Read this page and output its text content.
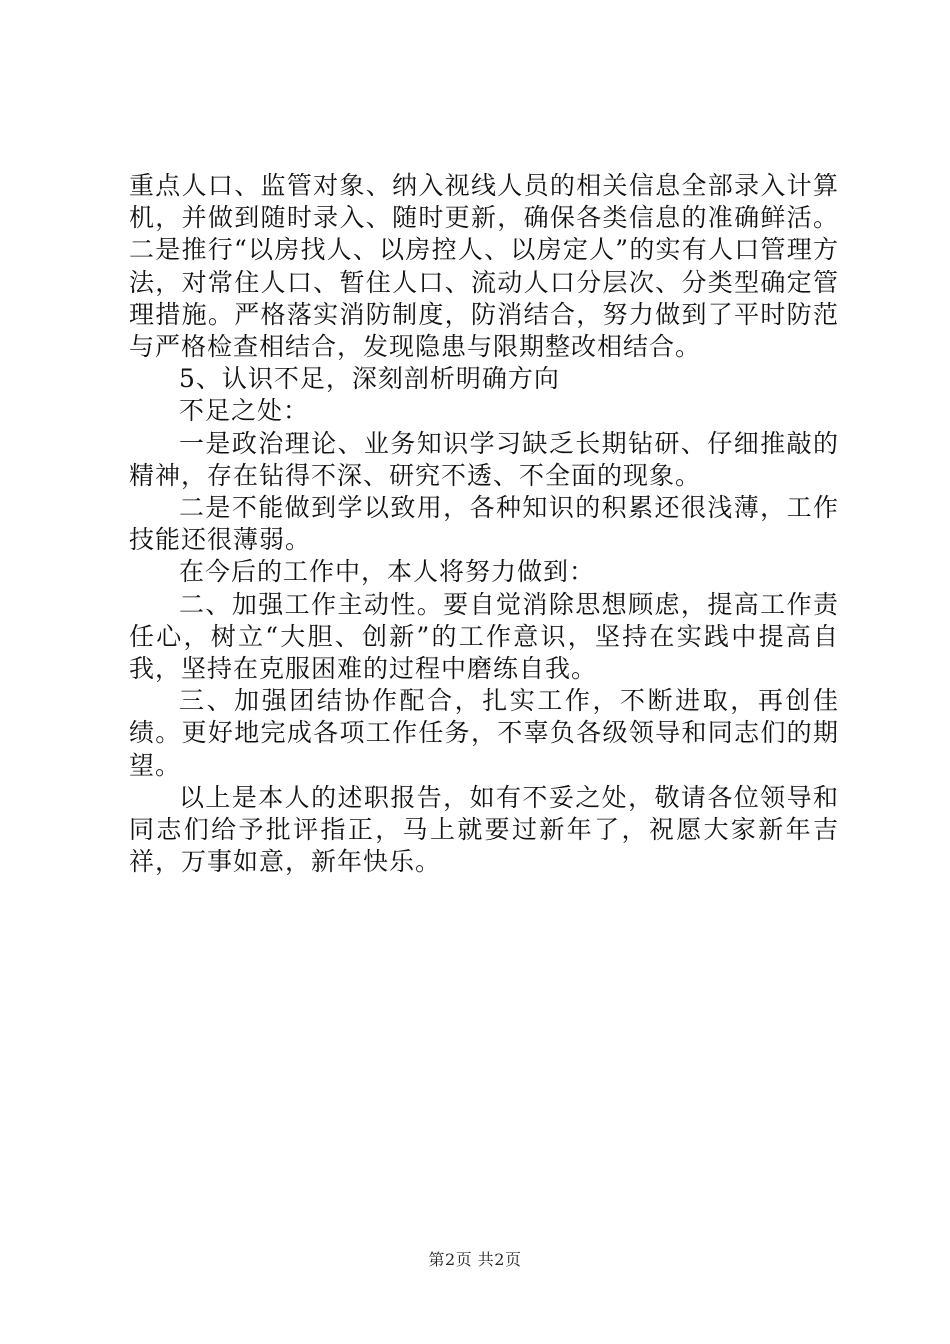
重点人口、监管对象、纳入视线人员的相关信息全部录入计算机，并做到随时录入、随时更新，确保各类信息的准确鲜活。二是推行“以房找人、以房控人、以房定人”的实有人口管理方法，对常住人口、暂住人口、流动人口分层次、分类型确定管理措施。严格落实消防制度，防消结合，努力做到了平时防范与严格检查相结合，发现隐患与限期整改相结合。

5、认识不足，深刻剖析明确方向

不足之处：

一是政治理论、业务知识学习缺乏长期钻研、仔细推敲的精神，存在钻得不深、研究不透、不全面的现象。

二是不能做到学以致用，各种知识的积累还很浅薄，工作技能还很薄弱。

在今后的工作中，本人将努力做到：

二、加强工作主动性。要自觉消除思想顾虑，提高工作责任心，树立“大胆、创新”的工作意识，坚持在实践中提高自我，坚持在克服困难的过程中磨练自我。

三、加强团结协作配合，扎实工作，不断进取，再创佳绩。更好地完成各项工作任务，不辜负各级领导和同志们的期望。

以上是本人的述职报告，如有不妥之处，敬请各位领导和同志们给予批评指正，马上就要过新年了，祝愿大家新年吉祥，万事如意，新年快乐。

第2页 共2页
